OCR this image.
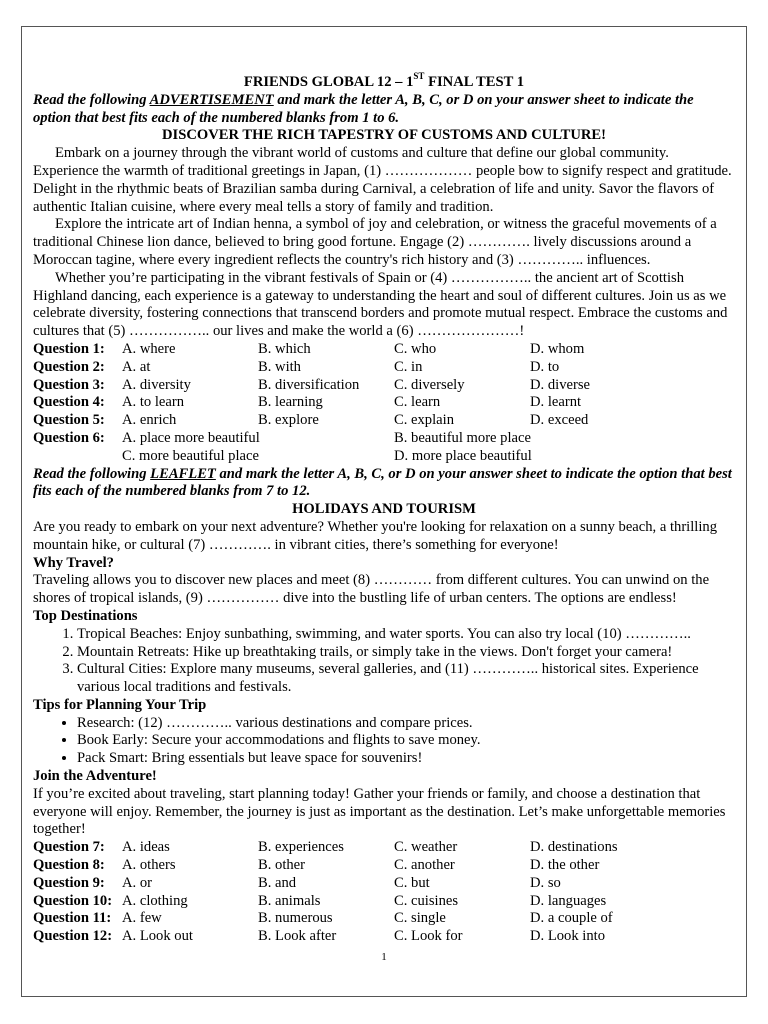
FRIENDS GLOBAL 12 – 1ST FINAL TEST 1

Read the following ADVERTISEMENT and mark the letter A, B, C, or D on your answer sheet to indicate the option that best fits each of the numbered blanks from 1 to 6.

DISCOVER THE RICH TAPESTRY OF CUSTOMS AND CULTURE!

Embark on a journey through the vibrant world of customs and culture that define our global community. Experience the warmth of traditional greetings in Japan, (1) ……………… people bow to signify respect and gratitude. Delight in the rhythmic beats of Brazilian samba during Carnival, a celebration of life and unity. Savor the flavors of authentic Italian cuisine, where every meal tells a story of family and tradition.

Explore the intricate art of Indian henna, a symbol of joy and celebration, or witness the graceful movements of a traditional Chinese lion dance, believed to bring good fortune. Engage (2) …………. lively discussions around a Moroccan tagine, where every ingredient reflects the country's rich history and (3) ………….. influences.

Whether you’re participating in the vibrant festivals of Spain or (4) …………….. the ancient art of Scottish Highland dancing, each experience is a gateway to understanding the heart and soul of different cultures. Join us as we celebrate diversity, fostering connections that transcend borders and promote mutual respect. Embrace the customs and cultures that (5) …………….. our lives and make the world a (6) …………………!

Question 1:	A. where	B. which	C. who	D. whom
Question 2:	A. at	B. with	C. in	D. to
Question 3:	A. diversity	B. diversification	C. diversely	D. diverse
Question 4:	A. to learn	B. learning	C. learn	D. learnt
Question 5:	A. enrich	B. explore	C. explain	D. exceed
Question 6:	A. place more beautiful	B. beautiful more place
C. more beautiful place	D. more place beautiful

Read the following LEAFLET and mark the letter A, B, C, or D on your answer sheet to indicate the option that best fits each of the numbered blanks from 7 to 12.

HOLIDAYS AND TOURISM

Are you ready to embark on your next adventure? Whether you're looking for relaxation on a sunny beach, a thrilling mountain hike, or cultural (7) …………. in vibrant cities, there’s something for everyone!

Why Travel?

Traveling allows you to discover new places and meet (8) ………… from different cultures. You can unwind on the shores of tropical islands, (9) …………… dive into the bustling life of urban centers. The options are endless!

Top Destinations

1. Tropical Beaches: Enjoy sunbathing, swimming, and water sports. You can also try local (10) …………..
2. Mountain Retreats: Hike up breathtaking trails, or simply take in the views. Don't forget your camera!
3. Cultural Cities: Explore many museums, several galleries, and (11) ………….. historical sites. Experience various local traditions and festivals.

Tips for Planning Your Trip

• Research: (12) ………….. various destinations and compare prices.
• Book Early: Secure your accommodations and flights to save money.
• Pack Smart: Bring essentials but leave space for souvenirs!

Join the Adventure!

If you’re excited about traveling, start planning today! Gather your friends or family, and choose a destination that everyone will enjoy. Remember, the journey is just as important as the destination. Let’s make unforgettable memories together!

Question 7:	A. ideas	B. experiences	C. weather	D. destinations
Question 8:	A. others	B. other	C. another	D. the other
Question 9:	A. or	B. and	C. but	D. so
Question 10: A. clothing	B. animals	C. cuisines	D. languages
Question 11: A. few	B. numerous	C. single	D. a couple of
Question 12: A. Look out	B. Look after	C. Look for	D. Look into
1
